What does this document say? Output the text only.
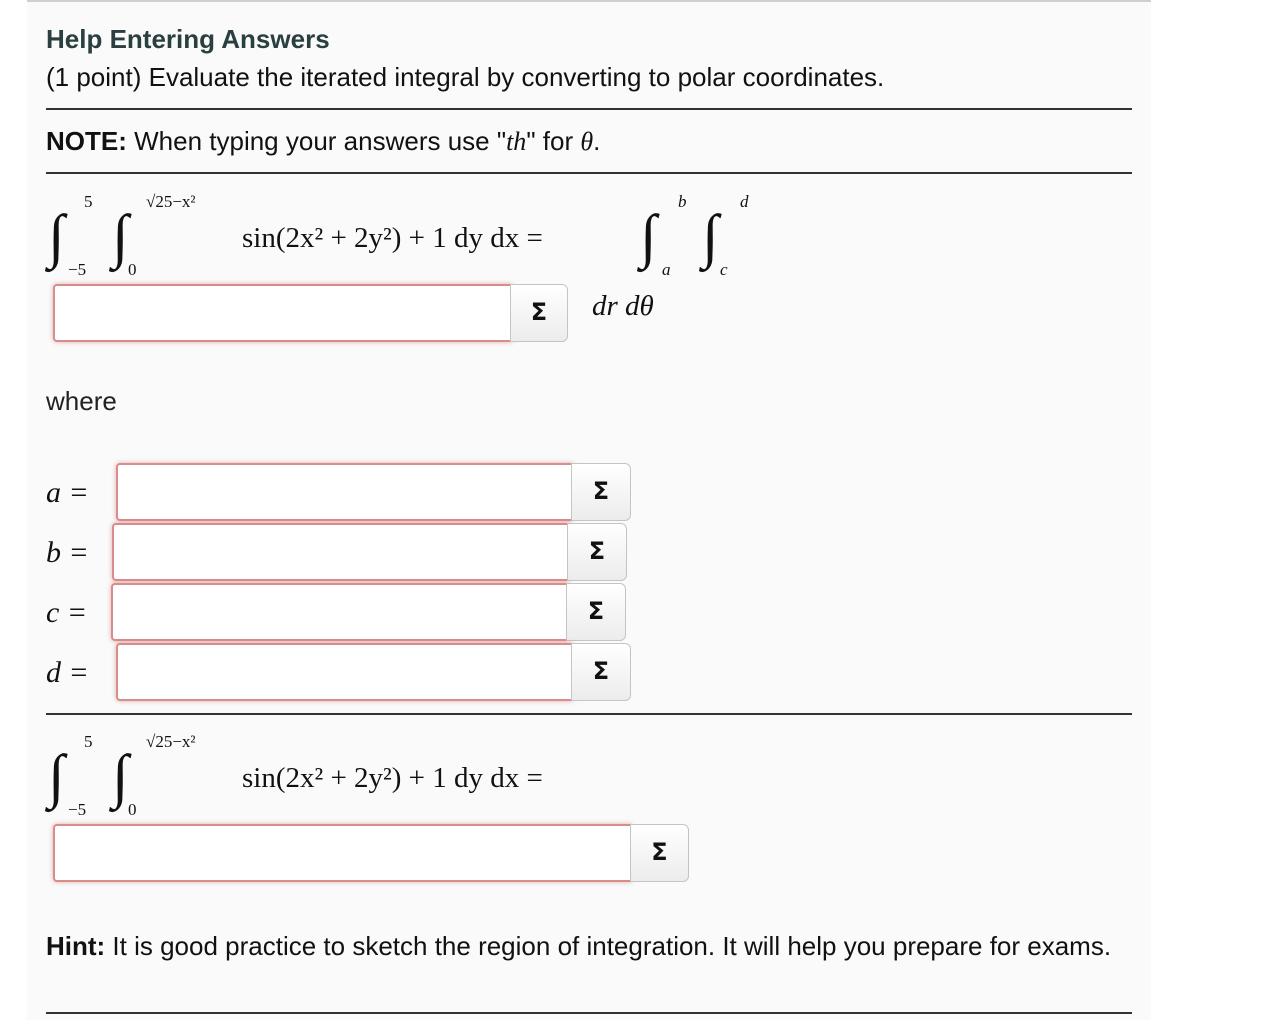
Help Entering Answers
(1 point) Evaluate the iterated integral by converting to polar coordinates.
NOTE: When typing your answers use "th" for θ.
∫
5
−5
∫
√25−x²
0
sin(2x² + 2y²) + 1 dy dx = ∫
b
a
∫
d
c
Σ	dr dθ
where
a =	Σ
b =	Σ
c =	Σ
d =	Σ
∫
5
−5
∫
√25−x²
0
sin(2x² + 2y²) + 1 dy dx =
Σ
Hint: It is good practice to sketch the region of integration. It will help you prepare for exams.
